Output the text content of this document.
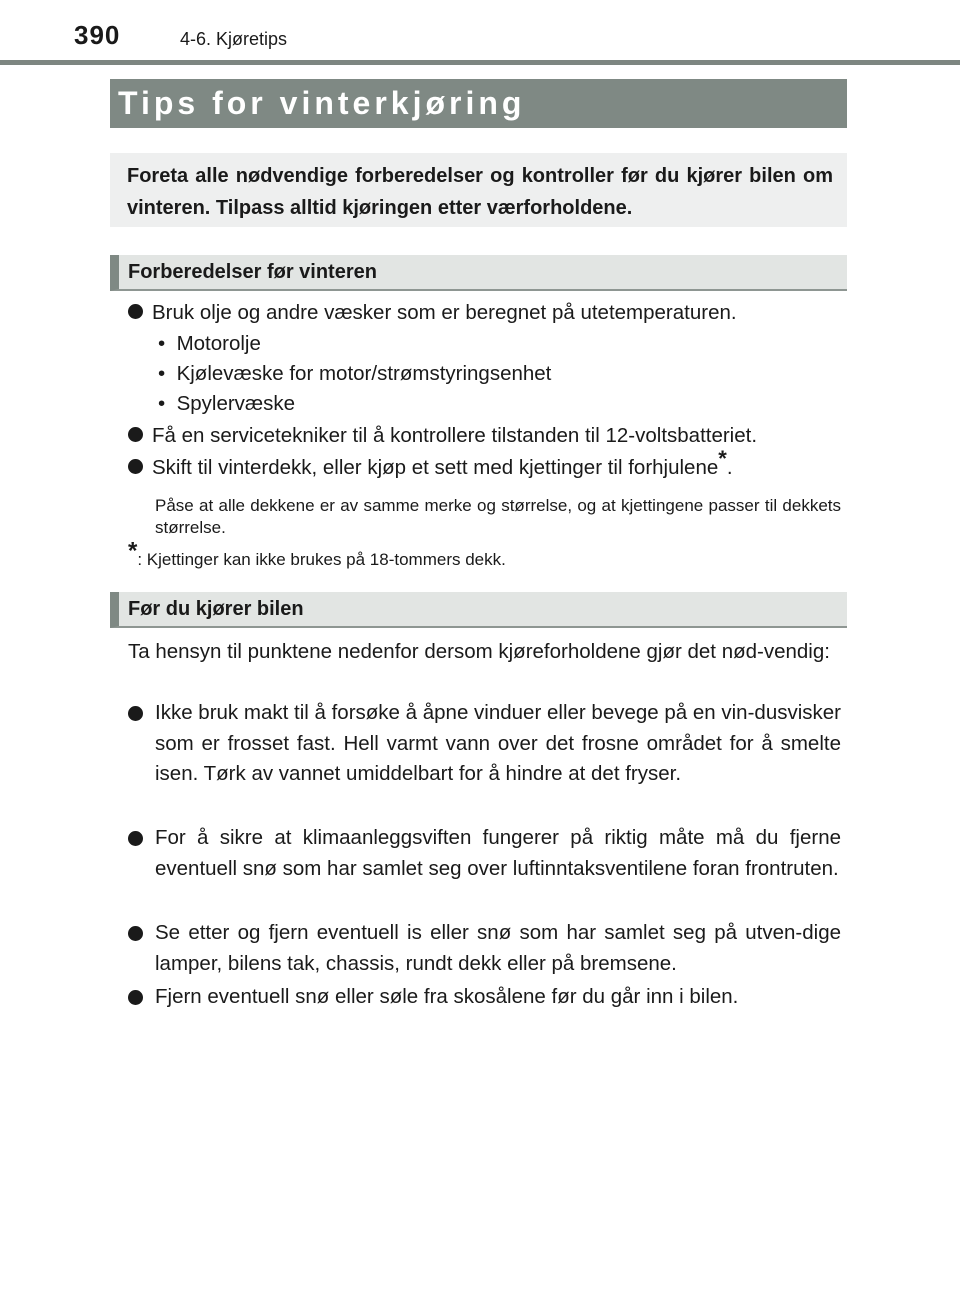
390	4-6. Kjøretips
Tips for vinterkjøring
Foreta alle nødvendige forberedelser og kontroller før du kjører bilen om vinteren. Tilpass alltid kjøringen etter værforholdene.
Forberedelser før vinteren
Bruk olje og andre væsker som er beregnet på utetemperaturen.
•  Motorolje
•  Kjølevæske for motor/strømstyringsenhet
•  Spylervæske
Få en servicetekniker til å kontrollere tilstanden til 12-voltsbatteriet.
Skift til vinterdekk, eller kjøp et sett med kjettinger til forhjulene*.
Påse at alle dekkene er av samme merke og størrelse, og at kjettingene passer til dekkets størrelse.
*: Kjettinger kan ikke brukes på 18-tommers dekk.
Før du kjører bilen
Ta hensyn til punktene nedenfor dersom kjøreforholdene gjør det nød-vendig:
Ikke bruk makt til å forsøke å åpne vinduer eller bevege på en vin-dusvisker som er frosset fast. Hell varmt vann over det frosne området for å smelte isen. Tørk av vannet umiddelbart for å hindre at det fryser.
For å sikre at klimaanleggsviften fungerer på riktig måte må du fjerne eventuell snø som har samlet seg over luftinntaksventilene foran frontruten.
Se etter og fjern eventuell is eller snø som har samlet seg på utven-dige lamper, bilens tak, chassis, rundt dekk eller på bremsene.
Fjern eventuell snø eller søle fra skosålene før du går inn i bilen.
